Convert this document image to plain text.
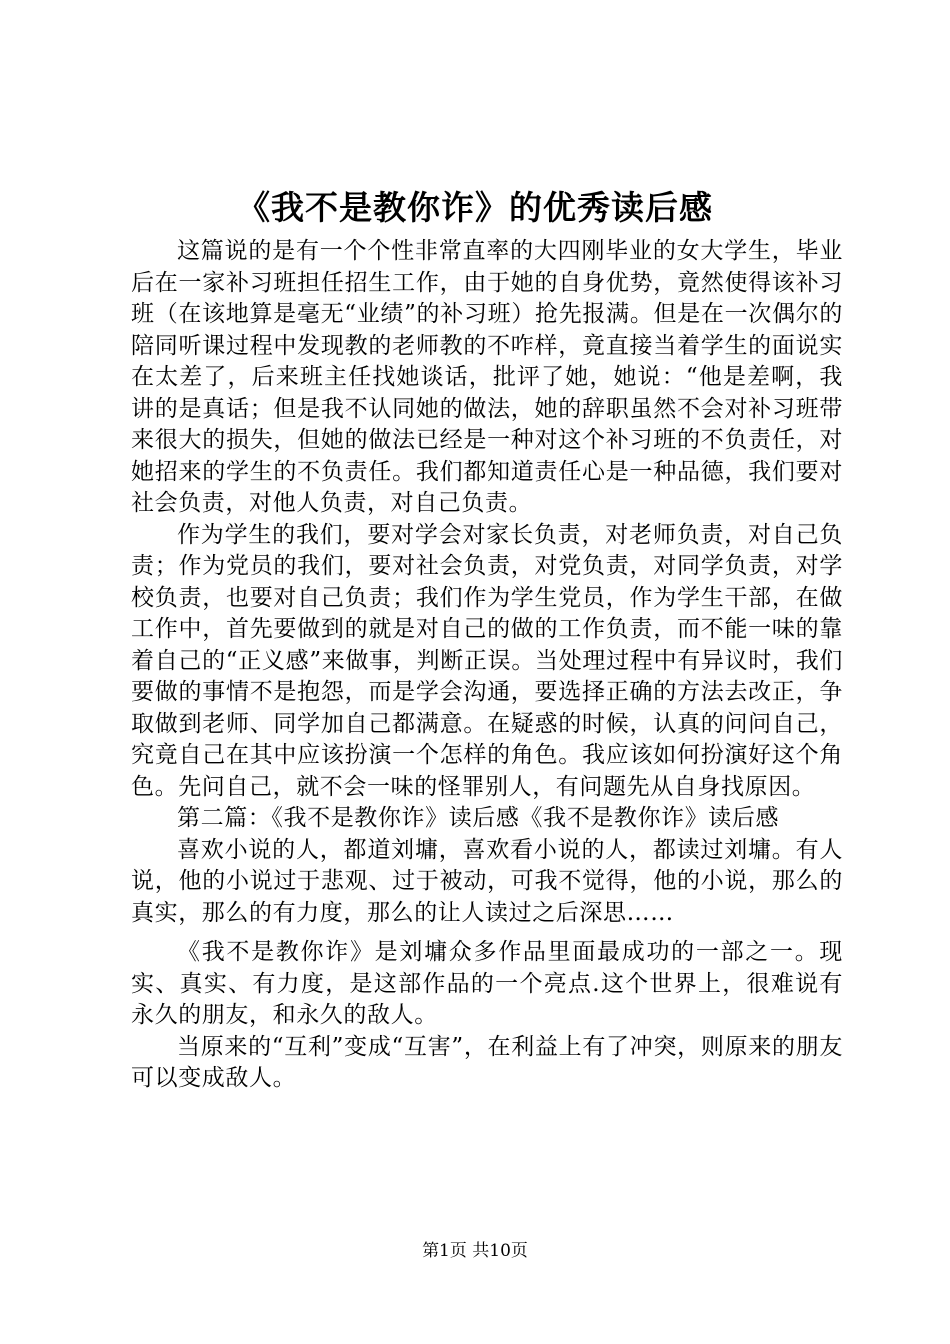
《我不是教你诈》的优秀读后感

这篇说的是有一个个性非常直率的大四刚毕业的女大学生，毕业后在一家补习班担任招生工作，由于她的自身优势，竟然使得该补习班（在该地算是毫无“业绩”的补习班）抢先报满。但是在一次偶尔的陪同听课过程中发现教的老师教的不咋样，竟直接当着学生的面说实在太差了，后来班主任找她谈话，批评了她，她说：“他是差啊，我讲的是真话；但是我不认同她的做法，她的辞职虽然不会对补习班带来很大的损失，但她的做法已经是一种对这个补习班的不负责任，对她招来的学生的不负责任。我们都知道责任心是一种品德，我们要对社会负责，对他人负责，对自己负责。

作为学生的我们，要对学会对家长负责，对老师负责，对自己负责；作为党员的我们，要对社会负责，对党负责，对同学负责，对学校负责，也要对自己负责；我们作为学生党员，作为学生干部，在做工作中，首先要做到的就是对自己的做的工作负责，而不能一味的靠着自己的“正义感”来做事，判断正误。当处理过程中有异议时，我们要做的事情不是抱怨，而是学会沟通，要选择正确的方法去改正，争取做到老师、同学加自己都满意。在疑惑的时候，认真的问问自己，究竟自己在其中应该扮演一个怎样的角色。我应该如何扮演好这个角色。先问自己，就不会一味的怪罪别人，有问题先从自身找原因。

第二篇：《我不是教你诈》读后感《我不是教你诈》读后感

喜欢小说的人，都道刘墉，喜欢看小说的人，都读过刘墉。有人说，他的小说过于悲观、过于被动，可我不觉得，他的小说，那么的真实，那么的有力度，那么的让人读过之后深思……

《我不是教你诈》是刘墉众多作品里面最成功的一部之一。现实、真实、有力度，是这部作品的一个亮点.这个世界上，很难说有永久的朋友，和永久的敌人。

当原来的“互利”变成“互害”，在利益上有了冲突，则原来的朋友可以变成敌人。

第1页 共10页
